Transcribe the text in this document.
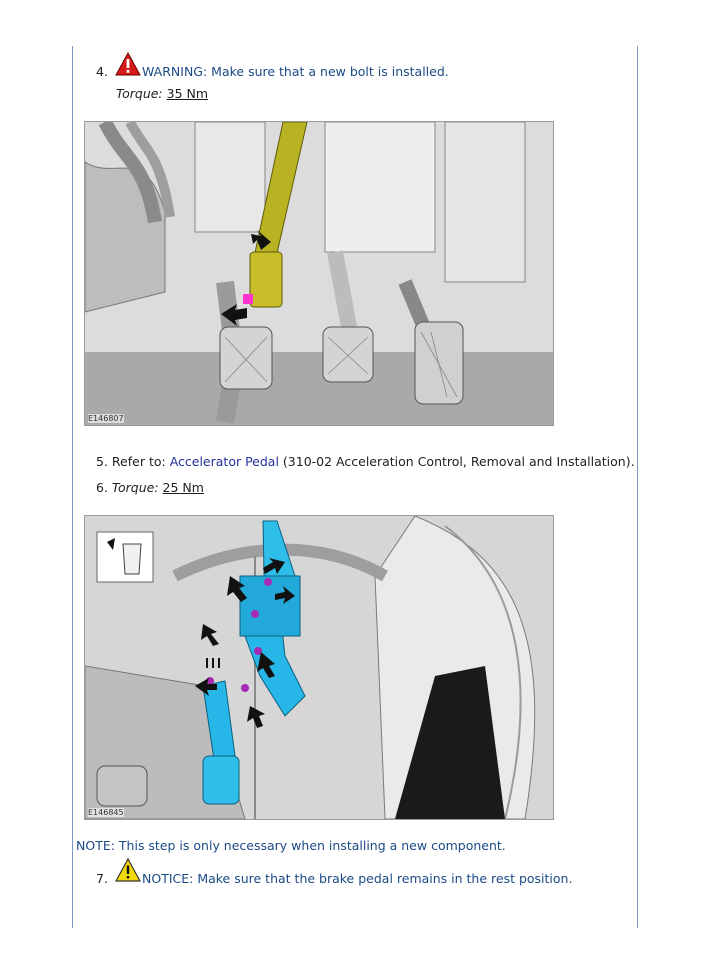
4.	WARNING: Make sure that a new bolt is installed.
Torque: 35 Nm
E146807
5. Refer to: Accelerator Pedal (310-02 Acceleration Control, Removal and Installation).
6. Torque: 25 Nm
E146845
NOTE: This step is only necessary when installing a new component.
7.	NOTICE: Make sure that the brake pedal remains in the rest position.
